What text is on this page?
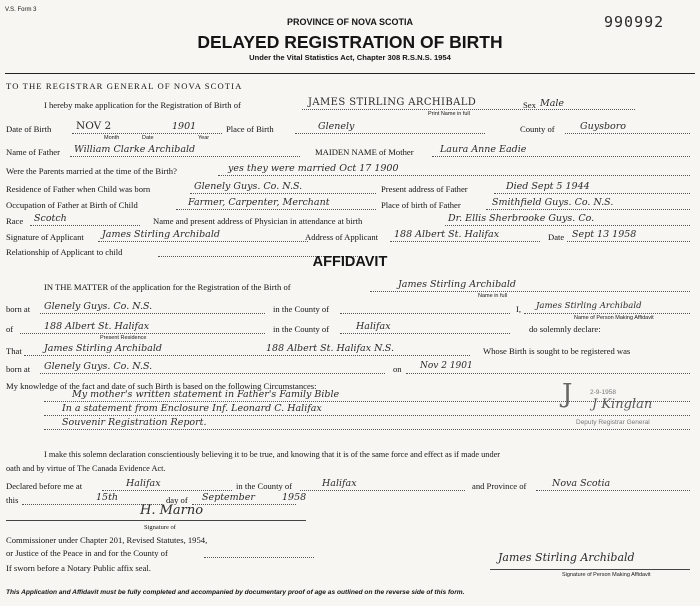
V.S. Form 3
990992
PROVINCE OF NOVA SCOTIA
DELAYED REGISTRATION OF BIRTH
Under the Vital Statistics Act, Chapter 308 R.S.N.S. 1954
TO THE REGISTRAR GENERAL OF NOVA SCOTIA
I hereby make application for the Registration of Birth of	JAMES STIRLING ARCHIBALD
Print Name in full
Sex Male
Date of Birth NOV 2	1901
Month	Date	Year
Place of Birth	Glenely	County of	Guysboro
Name of Father William Clarke Archibald	MAIDEN NAME of Mother	Laura Anne Eadie
Were the Parents married at the time of the Birth?	yes they were married Oct 17 1900
Residence of Father when Child was born	Glenely Guys. Co. N.S.	Present address of Father	Died Sept 5 1944
Occupation of Father at Birth of Child	Farmer, Carpenter, Merchant	Place of birth of Father	Smithfield Guys. Co. N.S.
Race Scotch	Name and present address of Physician in attendance at birth	Dr. Ellis Sherbrooke Guys. Co.
Signature of Applicant James Stirling Archibald	Address of Applicant 188 Albert St. Halifax	Date Sept 13 1958
Relationship of Applicant to child
AFFIDAVIT
IN THE MATTER of the application for the Registration of the Birth of	James Stirling Archibald
Name in full
born at Glenely Guys. Co. N.S.	in the County of	I, James Stirling Archibald
Name of Person Making Affidavit
of	188 Albert St. Halifax
Present Residence
in the County of	Halifax	do solemnly declare:
That James Stirling Archibald	188 Albert St. Halifax N.S.	Whose Birth is sought to be registered was
born at Glenely Guys. Co. N.S.	on Nov 2 1901
My knowledge of the fact and date of such Birth is based on the following Circumstances:
My mother's written statement in Father's Family Bible
In a statement from Enclosure Inf. Leonard C. Halifax
Souvenir Registration Report.
J	2-9-1958
J Kinglan
Deputy Registrar General
I make this solemn declaration conscientiously believing it to be true, and knowing that it is of the same force and effect as if made under
oath and by virtue of The Canada Evidence Act.
Declared before me at	Halifax	in the County of	Halifax	and Province of	Nova Scotia
this	15th	day of September	1958
H. Marno
Signature of
Commissioner under Chapter 201, Revised Statutes, 1954,
or Justice of the Peace in and for the County of
If sworn before a Notary Public affix seal.
James Stirling Archibald
Signature of Person Making Affidavit
This Application and Affidavit must be fully completed and accompanied by documentary proof of age as outlined on the reverse side of this form.
